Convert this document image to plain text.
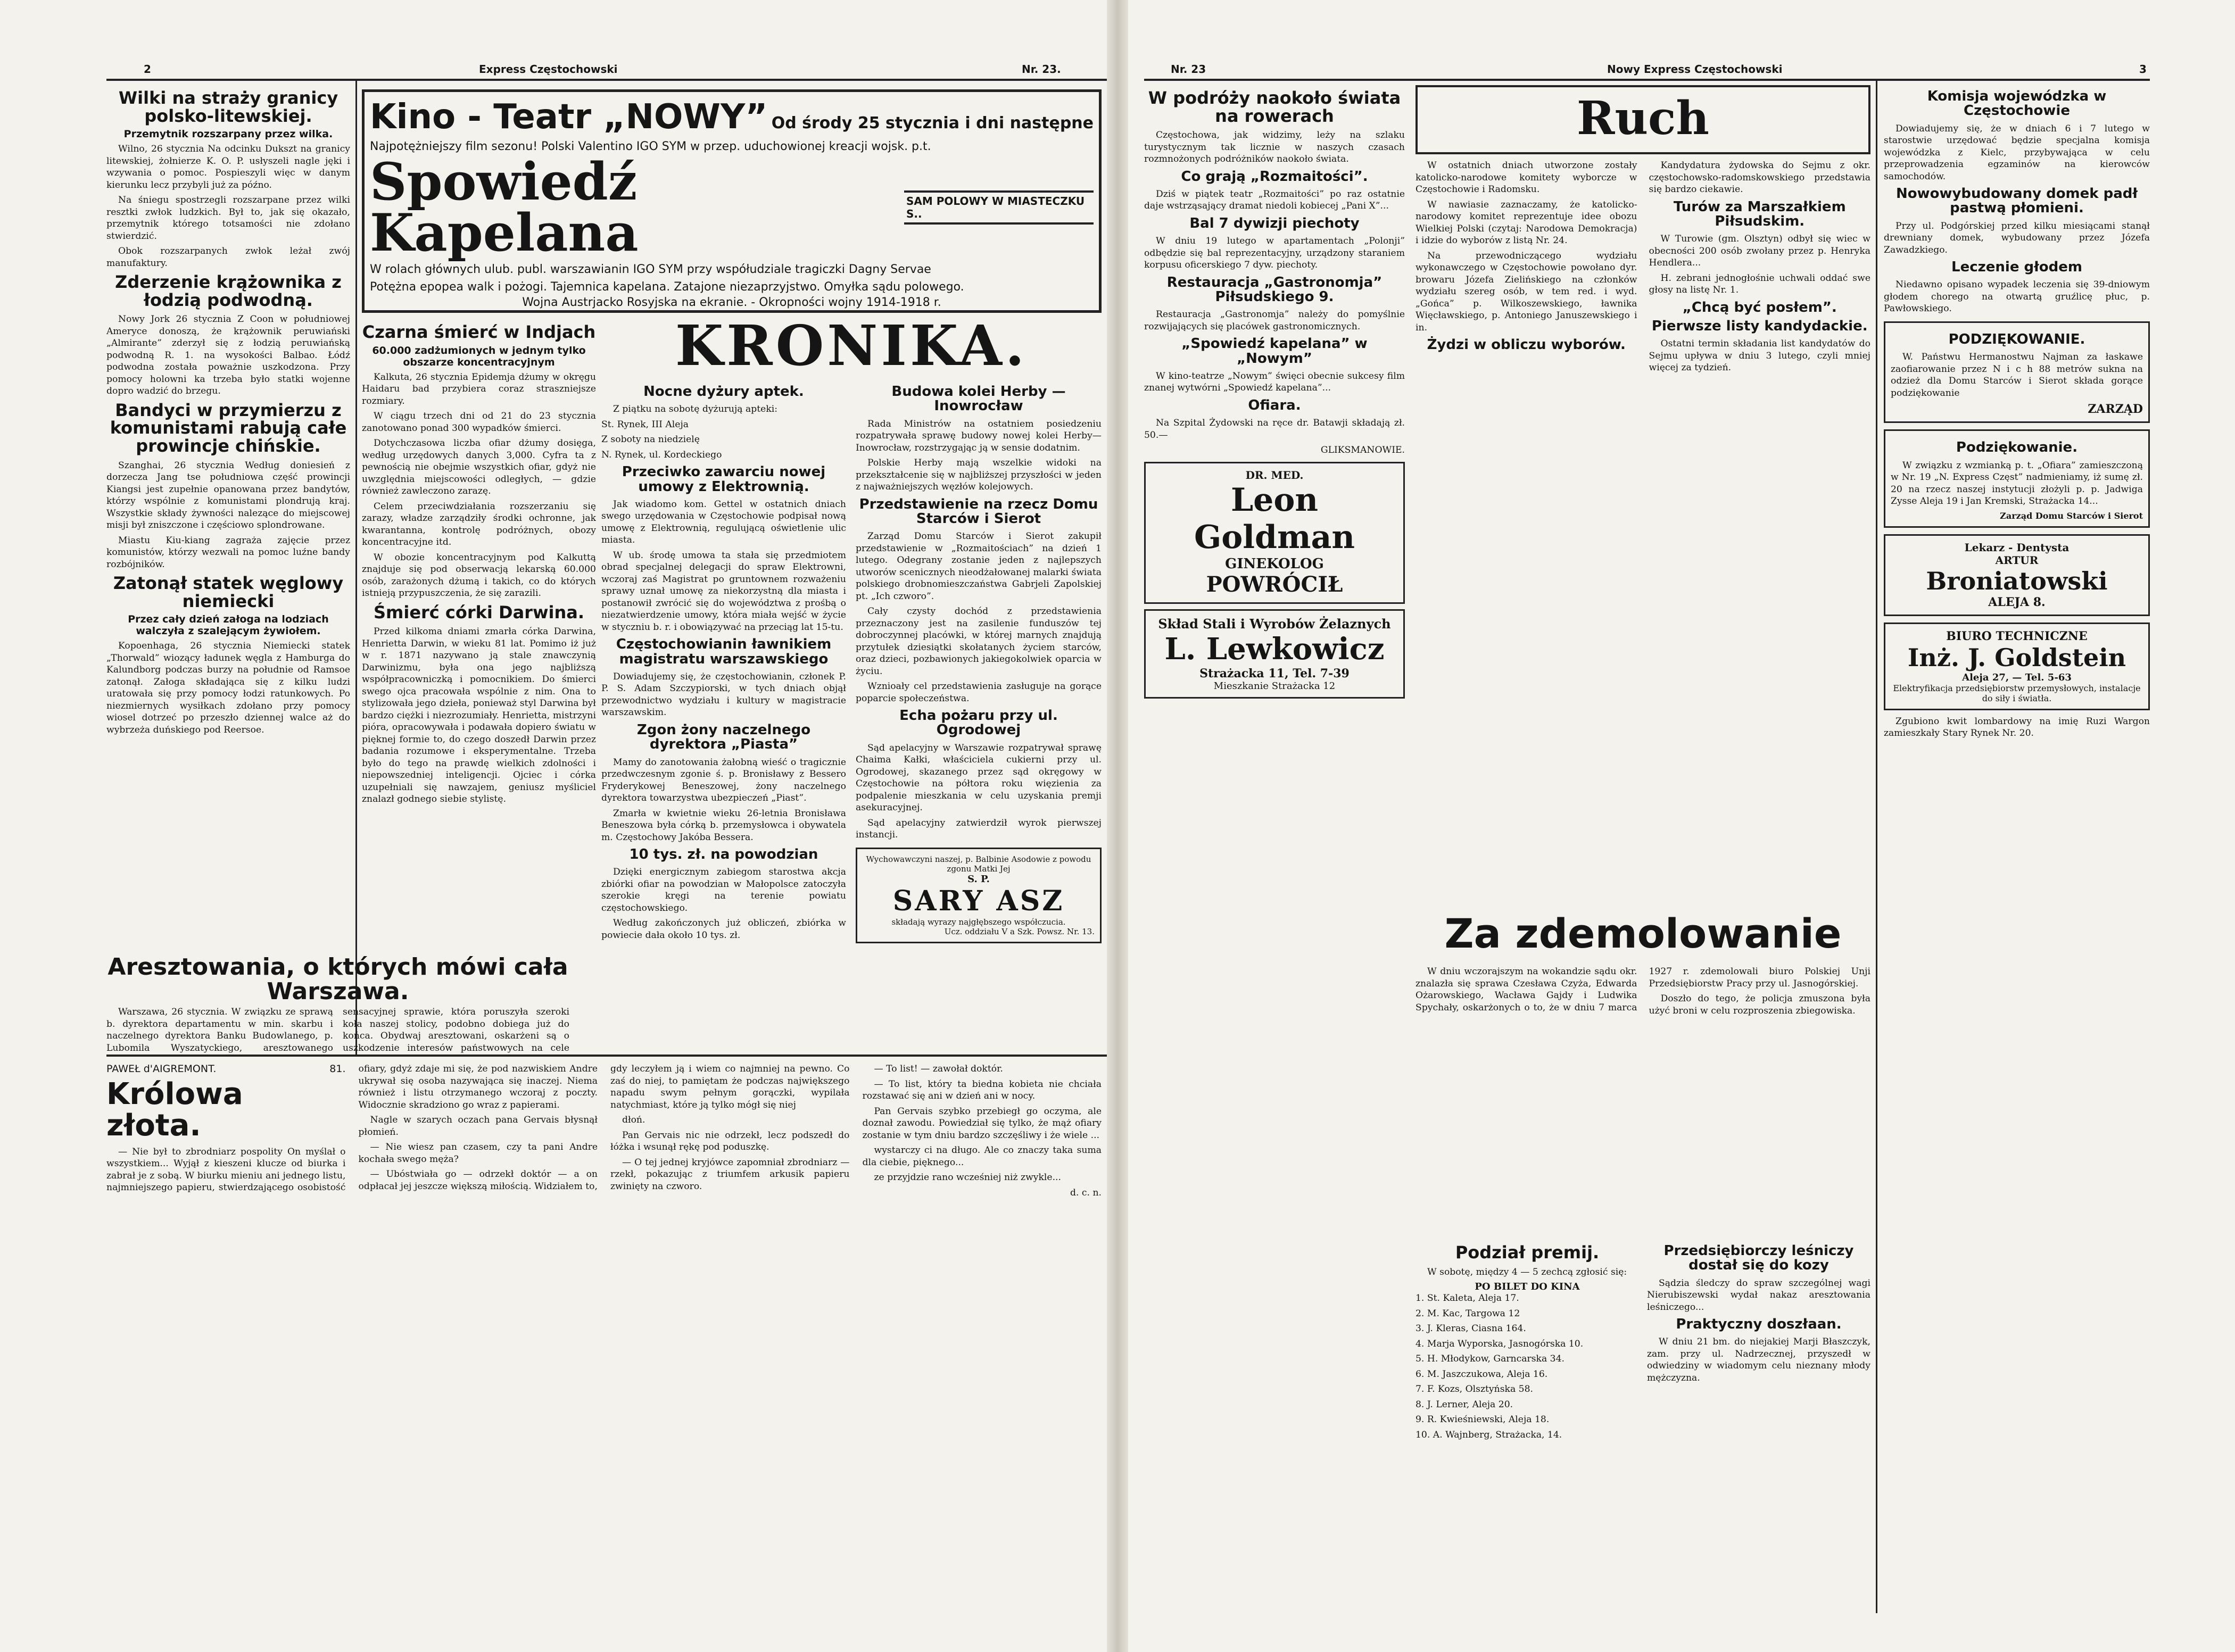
2	Express Częstochowski	Nr. 23.
Wilki na straży granicy polsko-litewskiej.
Przemytnik rozszarpany przez wilka.

Wilno, 26 stycznia Na odcinku Dukszt na granicy litewskiej, żołnierze K. O. P. usłyszeli nagle jęki i wzywania o pomoc. Pospieszyli więc w danym kierunku lecz przybyli już za późno.

Na śniegu spostrzegli rozszarpane przez wilki resztki zwłok ludzkich. Był to, jak się okazało, przemytnik którego totsamości nie zdołano stwierdzić.

Obok rozszarpanych zwłok leżał zwój manufaktury.

Zderzenie krążownika z łodzią podwodną.

Nowy Jork 26 stycznia Z Coon w południowej Ameryce donoszą, że krążownik peruwiański „Almirante” zderzył się z łodzią peruwiańską podwodną R. 1. na wysokości Balbao. Łódź podwodna została poważnie uszkodzona. Przy pomocy holowni ka trzeba było statki wojenne dopro wadzić do brzegu.

Bandyci w przymierzu z komunistami rabują całe prowincje chińskie.

Szanghai, 26 stycznia Według doniesień z dorzecza Jang tse południowa część prowincji Kiangsi jest zupełnie opanowana przez bandytów, którzy wspólnie z komunistami plondrują kraj. Wszystkie składy żywności nalezące do miejscowej misji był zniszczone i częściowo splondrowane.

Miastu Kiu-kiang zagraża zajęcie przez komunistów, którzy wezwali na pomoc luźne bandy rozbójników.

Zatonął statek węglowy niemiecki
Przez cały dzień załoga na lodziach walczyła z szalejącym żywiołem.

Kopoenhaga, 26 stycznia Niemiecki statek „Thorwald” wiozący ładunek węgla z Hamburga do Kalundborg podczas burzy na południe od Ramsoe zatonął. Załoga składająca się z kilku ludzi uratowała się przy pomocy łodzi ratunkowych. Po niezmiernych wysiłkach zdołano przy pomocy wiosel dotrzeć po przeszło dziennej walce aż do wybrzeża duńskiego pod Reersoe.

Kino - Teatr „NOWY” Od środy 25 stycznia i dni następne
Najpotężniejszy film sezonu! Polski Valentino IGO SYM w przep. uduchowionej kreacji wojsk. p.t.
Spowiedź Kapelana
SAM POLOWY W MIASTECZKU S..
W rolach głównych ulub. publ. warszawianin IGO SYM przy współudziale tragiczki Dagny Servae
Potężna epopea walk i pożogi. Tajemnica kapelana. Zatajone niezaprzyjstwo. Omyłka sądu polowego.
Wojna Austrjacko Rosyjska na ekranie. - Okropności wojny 1914-1918 r.
Czarna śmierć w Indjach
60.000 zadżumionych w jednym tylko obszarze koncentracyjnym

Kalkuta, 26 stycznia Epidemja dżumy w okręgu Haidaru bad przybiera coraz straszniejsze rozmiary.

W ciągu trzech dni od 21 do 23 stycznia zanotowano ponad 300 wypadków śmierci.

Dotychczasowa liczba ofiar dżumy dosięga, według urzędowych danych 3,000. Cyfra ta z pewnością nie obejmie wszystkich ofiar, gdyż nie uwzględnia miejscowości odległych, — gdzie również zawleczono zarazę.

Celem przeciwdziałania rozszerzaniu się zarazy, władze zarządziły środki ochronne, jak kwarantanna, kontrolę podróżnych, obozy koncentracyjne itd.

W obozie koncentracyjnym pod Kalkuttą znajduje się pod obserwacją lekarską 60.000 osób, zarażonych dżumą i takich, co do których istnieją przypuszczenia, że się zarazili.

Śmierć córki Darwina.

Przed kilkoma dniami zmarła córka Darwina, Henrietta Darwin, w wieku 81 lat. Pomimo iż już w r. 1871 nazywano ją stale znawczynią Darwinizmu, była ona jego najbliższą współpracowniczką i pomocnikiem. Do śmierci swego ojca pracowała wspólnie z nim. Ona to stylizowała jego dzieła, ponieważ styl Darwina był bardzo ciężki i niezrozumiały. Henrietta, mistrzyni pióra, opracowywała i podawała dopiero światu w pięknej formie to, do czego doszedł Darwin przez badania rozumowe i eksperymentalne. Trzeba było do tego na prawdę wielkich zdolności i niepowszedniej inteligencji. Ojciec i córka uzupełniali się nawzajem, geniusz myśliciel znalazł godnego siebie stylistę.

KRONIKA.
Nocne dyżury aptek.

Z piątku na sobotę dyżurują apteki:

St. Rynek, III Aleja
Z soboty na niedzielę
N. Rynek, ul. Kordeckiego
Przeciwko zawarciu nowej umowy z Elektrownią.

Jak wiadomo kom. Gettel w ostatnich dniach swego urzędowania w Częstochowie podpisał nową umowę z Elektrownią, regulującą oświetlenie ulic miasta.

W ub. środę umowa ta stała się przedmiotem obrad specjalnej delegacji do spraw Elektrowni, wczoraj zaś Magistrat po gruntownem rozważeniu sprawy uznał umowę za niekorzystną dla miasta i postanowił zwrócić się do województwa z prośbą o niezatwierdzenie umowy, która miała wejść w życie w styczniu b. r. i obowiązywać na przeciąg lat 15-tu.

Częstochowianin ławnikiem magistratu warszawskiego

Dowiadujemy się, że częstochowianin, członek P. P. S. Adam Szczypiorski, w tych dniach objął przewodnictwo wydziału i kultury w magistracie warszawskim.

Zgon żony naczelnego dyrektora „Piasta”

Mamy do zanotowania żałobną wieść o tragicznie przedwczesnym zgonie ś. p. Bronisławy z Bessero Fryderykowej Beneszowej, żony naczelnego dyrektora towarzystwa ubezpieczeń „Piast”.

Zmarła w kwietnie wieku 26-letnia Bronisława Beneszowa była córką b. przemysłowca i obywatela m. Częstochowy Jakóba Bessera.

10 tys. zł. na powodzian

Dzięki energicznym zabiegom starostwa akcja zbiórki ofiar na powodzian w Małopolsce zatoczyła szerokie kręgi na terenie powiatu częstochowskiego.

Według zakończonych już obliczeń, zbiórka w powiecie dała około 10 tys. zł.

Budowa kolei Herby — Inowrocław

Rada Ministrów na ostatniem posiedzeniu rozpatrywała sprawę budowy nowej kolei Herby—Inowrocław, rozstrzygając ją w sensie dodatnim.

Polskie Herby mają wszelkie widoki na przekształcenie się w najbliższej przyszłości w jeden z najważniejszych węzłów kolejowych.

Przedstawienie na rzecz Domu Starców i Sierot

Zarząd Domu Starców i Sierot zakupił przedstawienie w „Rozmaitościach” na dzień 1 lutego. Odegrany zostanie jeden z najlepszych utworów scenicznych nieodżałowanej malarki świata polskiego drobnomieszczaństwa Gabrjeli Zapolskiej pt. „Ich czworo”.

Cały czysty dochód z przedstawienia przeznaczony jest na zasilenie funduszów tej dobroczynnej placówki, w której marnych znajdują przytułek dziesiątki skołatanych życiem starców, oraz dzieci, pozbawionych jakiegokolwiek oparcia w życiu.

Wznioały cel przedstawienia zasługuje na gorące poparcie społeczeństwa.

Echa pożaru przy ul. Ogrodowej

Sąd apelacyjny w Warszawie rozpatrywał sprawę Chaima Kałki, właściciela cukierni przy ul. Ogrodowej, skazanego przez sąd okręgowy w Częstochowie na półtora roku więzienia za podpalenie mieszkania w celu uzyskania premji asekuracyjnej.

Sąd apelacyjny zatwierdził wyrok pierwszej instancji.

Wychowawczyni naszej, p. Balbinie Asodowie z powodu zgonu Matki Jej
S. P.
SARY ASZ
składają wyrazy najgłębszego współczucia.
Ucz. oddziału V a Szk. Powsz. Nr. 13.
Aresztowania, o których mówi cała Warszawa.

Warszawa, 26 stycznia. W związku ze sprawą b. dyrektora departamentu w min. skarbu i naczelnego dyrektora Banku Budowlanego, p. Lubomila Wyszatyckiego, aresztowanego sensacyjnej sprawie, która poruszyła szeroki koła naszej stolicy, podobno dobiega już do końca. Obydwaj aresztowani, oskarżeni są o uszkodzenie interesów państwowych na cele

PAWEŁ d'AIGREMONT.	81.
Królowa złota.

— Nie był to zbrodniarz pospolity On myślał o wszystkiem... Wyjął z kieszeni klucze od biurka i zabrał je z sobą. W biurku mieniu ani jednego listu, najmniejszego papieru, stwierdzającego osobistość ofiary, gdyż zdaje mi się, że pod nazwiskiem Andre ukrywał się osoba nazywająca się inaczej. Niema również i listu otrzymanego wczoraj z poczty. Widocznie skradziono go wraz z papierami.

Nagle w szarych oczach pana Gervais błysnął płomień.

— Nie wiesz pan czasem, czy ta pani Andre kochała swego męża?

— Ubóstwiała go — odrzekł doktór — a on odpłacał jej jeszcze większą miłością. Widziałem to, gdy leczyłem ją i wiem co najmniej na pewno. Co zaś do niej, to pamiętam że podczas największego napadu swym pełnym gorączki, wypilała natychmiast, które ją tylko mógł się niej

dłoń.

Pan Gervais nic nie odrzekł, lecz podszedł do łóżka i wsunął rękę pod poduszkę.

— O tej jednej kryjówce zapomniał zbrodniarz — rzekł, pokazując z triumfem arkusik papieru zwinięty na czworo.

— To list! — zawołał doktór.

— To list, który ta biedna kobieta nie chciała rozstawać się ani w dzień ani w nocy.

Pan Gervais szybko przebiegł go oczyma, ale doznał zawodu. Powiedział się tylko, że mąż ofiary zostanie w tym dniu bardzo szczęśliwy i że wiele ...

wystarczy ci na długo. Ale co znaczy taka suma dla ciebie, pięknego...

ze przyjdzie rano wcześniej niż zwykle...

d. c. n.

Nr. 23	Nowy Express Częstochowski	3
W podróży naokoło świata na rowerach

Częstochowa, jak widzimy, leży na szlaku turystycznym tak licznie w naszych czasach rozmnożonych podróżników naokoło świata.

Co grają „Rozmaitości”.

Dziś w piątek teatr „Rozmaitości” po raz ostatnie daje wstrząsający dramat niedoli kobiecej „Pani X”...

Bal 7 dywizji piechoty

W dniu 19 lutego w apartamentach „Polonji” odbędzie się bal reprezentacyjny, urządzony staraniem korpusu oficerskiego 7 dyw. piechoty.

Restauracja „Gastronomja” Piłsudskiego 9.

Restauracja „Gastronomja” należy do pomyślnie rozwijających się placówek gastronomicznych.

„Spowiedź kapelana” w „Nowym”

W kino-teatrze „Nowym” święci obecnie sukcesy film znanej wytwórni „Spowiedź kapelana”...

Ofiara.

Na Szpital Żydowski na ręce dr. Batawji składają zł. 50.—

GLIKSMANOWIE.

DR. MED.
Leon Goldman
GINEKOLOG
POWRÓCIŁ
Skład Stali i Wyrobów Żelaznych
L. Lewkowicz
Strażacka 11, Tel. 7-39
Mieszkanie Strażacka 12
Ruch

W ostatnich dniach utworzone zostały katolicko-narodowe komitety wyborcze w Częstochowie i Radomsku.

W nawiasie zaznaczamy, że katolicko-narodowy komitet reprezentuje idee obozu Wielkiej Polski (czytaj: Narodowa Demokracja) i idzie do wyborów z listą Nr. 24.

Na przewodniczącego wydziału wykonawczego w Częstochowie powołano dyr. browaru Józefa Zielińskiego na członków wydziału szereg osób, w tem red. i wyd. „Gońca” p. Wilkoszewskiego, ławnika Więcławskiego, p. Antoniego Januszewskiego i in.

Żydzi w obliczu wyborów.

Kandydatura żydowska do Sejmu z okr. częstochowsko-radomskowskiego przedstawia się bardzo ciekawie.

Turów za Marszałkiem Piłsudskim.

W Turowie (gm. Olsztyn) odbył się wiec w obecności 200 osób zwołany przez p. Henryka Hendlera...

H. zebrani jednogłośnie uchwali oddać swe głosy na listę Nr. 1.

„Chcą być posłem”.
Pierwsze listy kandydackie.

Ostatni termin składania list kandydatów do Sejmu upływa w dniu 3 lutego, czyli mniej więcej za tydzień.

Za zdemolowanie

W dniu wczorajszym na wokandzie sądu okr. znalazła się sprawa Czesława Czyża, Edwarda Ożarowskiego, Wacława Gajdy i Ludwika Spychały, oskarżonych o to, że w dniu 7 marca 1927 r. zdemolowali biuro Polskiej Unji Przedsiębiorstw Pracy przy ul. Jasnogórskiej.

Doszło do tego, że policja zmuszona była użyć broni w celu rozproszenia zbiegowiska.

Podział premij.

W sobotę, między 4 — 5 zechcą zgłosić się:

PO BILET DO KINA
1. St. Kaleta, Aleja 17.
2. M. Kac, Targowa 12
3. J. Kleras, Ciasna 164.
4. Marja Wyporska, Jasnogórska 10.
5. H. Młodykow, Garncarska 34.
6. M. Jaszczukowa, Aleja 16.
7. F. Kozs, Olsztyńska 58.
8. J. Lerner, Aleja 20.
9. R. Kwieśniewski, Aleja 18.
10. A. Wajnberg, Strażacka, 14.
Przedsiębiorczy leśniczy dostał się do kozy

Sądzia śledczy do spraw szczególnej wagi Nierubiszewski wydał nakaz aresztowania leśniczego...

Praktyczny doszłaan.

W dniu 21 bm. do niejakiej Marji Błaszczyk, zam. przy ul. Nadrzecznej, przyszedł w odwiedziny w wiadomym celu nieznany młody mężczyzna.

Komisja wojewódzka w Częstochowie

Dowiadujemy się, że w dniach 6 i 7 lutego w starostwie urzędować będzie specjalna komisja wojewódzka z Kielc, przybywająca w celu przeprowadzenia egzaminów na kierowców samochodów.

Nowowybudowany domek padł pastwą płomieni.

Przy ul. Podgórskiej przed kilku miesiącami stanął drewniany domek, wybudowany przez Józefa Zawadzkiego.

Leczenie głodem

Niedawno opisano wypadek leczenia się 39-dniowym głodem chorego na otwartą gruźlicę płuc, p. Pawłowskiego.

PODZIĘKOWANIE.

W. Państwu Hermanostwu Najman za łaskawe zaofiarowanie przez N i c h 88 metrów sukna na odzież dla Domu Starców i Sierot składa gorące podziękowanie

ZARZĄD
Podziękowanie.

W związku z wzmianką p. t. „Ofiara” zamieszczoną w Nr. 19 „N. Express Częst” nadmieniamy, iż sumę zł. 20 na rzecz naszej instytucji złożyli p. p. Jadwiga Zysse Aleja 19 i Jan Kremski, Strażacka 14...

Zarząd Domu Starców i Sierot
Lekarz - Dentysta
ARTUR
Broniatowski
ALEJA 8.
BIURO TECHNICZNE
Inż. J. Goldstein
Aleja 27, — Tel. 5-63
Elektryfikacja przedsiębiorstw przemysłowych, instalacje do siły i światła.

Zgubiono kwit lombardowy na imię Ruzi Wargon zamieszkały Stary Rynek Nr. 20.
